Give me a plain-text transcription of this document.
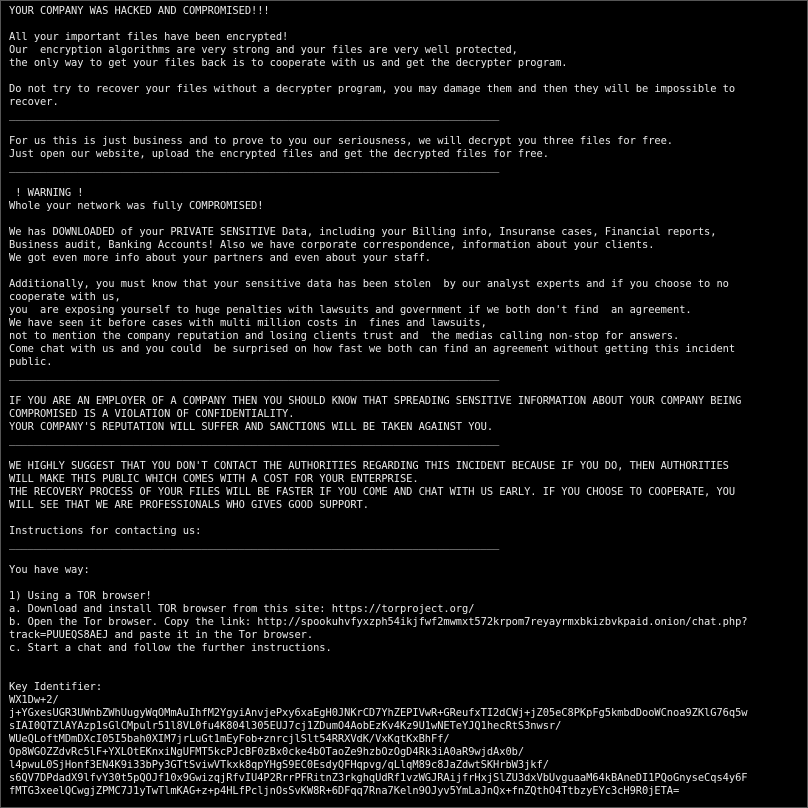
YOUR COMPANY WAS HACKED AND COMPROMISED!!!
All your important files have been encrypted!
Our  encryption algorithms are very strong and your files are very well protected,
the only way to get your files back is to cooperate with us and get the decrypter program.
Do not try to recover your files without a decrypter program, you may damage them and then they will be impossible to
recover.
_______________________________________________________________________________
For us this is just business and to prove to you our seriousness, we will decrypt you three files for free.
Just open our website, upload the encrypted files and get the decrypted files for free.
_______________________________________________________________________________
! WARNING !
Whole your network was fully COMPROMISED!
We has DOWNLOADED of your PRIVATE SENSITIVE Data, including your Billing info, Insuranse cases, Financial reports,
Business audit, Banking Accounts! Also we have corporate correspondence, information about your clients.
We got even more info about your partners and even about your staff.
Additionally, you must know that your sensitive data has been stolen  by our analyst experts and if you choose to no
cooperate with us,
you  are exposing yourself to huge penalties with lawsuits and government if we both don't find  an agreement.
We have seen it before cases with multi million costs in  fines and lawsuits,
not to mention the company reputation and losing clients trust and  the medias calling non-stop for answers.
Come chat with us and you could  be surprised on how fast we both can find an agreement without getting this incident
public.
_______________________________________________________________________________
IF YOU ARE AN EMPLOYER OF A COMPANY THEN YOU SHOULD KNOW THAT SPREADING SENSITIVE INFORMATION ABOUT YOUR COMPANY BEING
COMPROMISED IS A VIOLATION OF CONFIDENTIALITY.
YOUR COMPANY'S REPUTATION WILL SUFFER AND SANCTIONS WILL BE TAKEN AGAINST YOU.
_______________________________________________________________________________
WE HIGHLY SUGGEST THAT YOU DON'T CONTACT THE AUTHORITIES REGARDING THIS INCIDENT BECAUSE IF YOU DO, THEN AUTHORITIES
WILL MAKE THIS PUBLIC WHICH COMES WITH A COST FOR YOUR ENTERPRISE.
THE RECOVERY PROCESS OF YOUR FILES WILL BE FASTER IF YOU COME AND CHAT WITH US EARLY. IF YOU CHOOSE TO COOPERATE, YOU
WILL SEE THAT WE ARE PROFESSIONALS WHO GIVES GOOD SUPPORT.
Instructions for contacting us:
_______________________________________________________________________________
You have way:
1) Using a TOR browser!
a. Download and install TOR browser from this site: https://torproject.org/
b. Open the Tor browser. Copy the link: http://spookuhvfyxzph54ikjfwf2mwmxt572krpom7reyayrmxbkizbvkpaid.onion/chat.php?
track=PUUEQS8AEJ and paste it in the Tor browser.
c. Start a chat and follow the further instructions.
Key Identifier:
WX1Dw+2/
j+YGxesUGR3UWnbZWhUugyWqOMmAuIhfM2YgyiAnvjePxy6xaEgH0JNKrCD7YhZEPIVwR+GReufxTI2dCWj+jZ05eC8PKpFg5kmbdDooWCnoa9ZKlG76q5w
sIAI0QTZlAYAzp1sGlCMpulr51l8VL0fu4K804l305EUJ7cj1ZDumO4AobEzKv4Kz9U1wNETeYJQ1hecRtS3nwsr/
WUeQLoftMDmDXcI05I5bah0XIM7jrLuGt1mEyFob+znrcjlSlt54RRXVdK/VxKqtKxBhFf/
Op8WGOZZdvRc5lF+YXLOtEKnxiNgUFMT5kcPJcBF0zBx0cke4bOTaoZe9hzbOzOgD4Rk3iA0aR9wjdAx0b/
l4pwuL0SjHonf3EN4K9i33bPy3GTtSviwVTkxk8qpYHgS9EC0EsdyQFHqpvg/qLlqM89c8JaZdwtSKHrbW3jkf/
s6QV7DPdadX9lfvY30t5pQOJf10x9GwizqjRfvIU4P2RrrPFRitnZ3rkghqUdRf1vzWGJRAijfrHxjSlZU3dxVbUvguaaM64kBAneDI1PQoGnyseCqs4y6F
fMTG3xeelQCwgjZPMC7J1yTwTlmKAG+z+p4HLfPcljnOsSvKW8R+6DFqq7Rna7Keln9OJyv5YmLaJnQx+fnZQthO4TtbzyEYc3cH9R0jETA=
